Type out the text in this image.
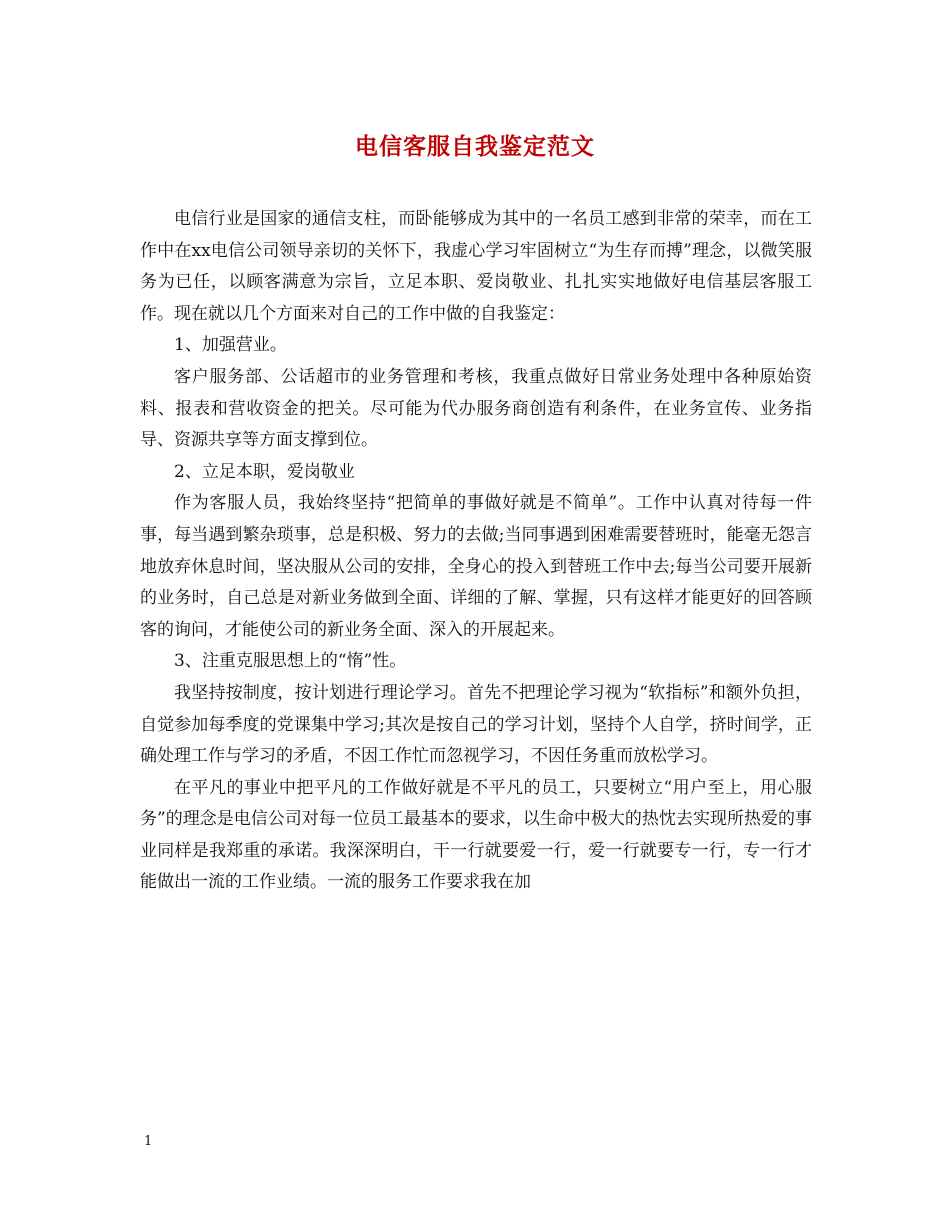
电信客服自我鉴定范文

电信行业是国家的通信支柱，而卧能够成为其中的一名员工感到非常的荣幸，而在工作中在xx电信公司领导亲切的关怀下，我虚心学习牢固树立“为生存而搏”理念，以微笑服务为已任，以顾客满意为宗旨，立足本职、爱岗敬业、扎扎实实地做好电信基层客服工作。现在就以几个方面来对自己的工作中做的自我鉴定：

1、加强营业。

客户服务部、公话超市的业务管理和考核，我重点做好日常业务处理中各种原始资料、报表和营收资金的把关。尽可能为代办服务商创造有利条件，在业务宣传、业务指导、资源共享等方面支撑到位。

2、立足本职，爱岗敬业

作为客服人员，我始终坚持“把简单的事做好就是不简单”。工作中认真对待每一件事，每当遇到繁杂琐事，总是积极、努力的去做;当同事遇到困难需要替班时，能毫无怨言地放弃休息时间，坚决服从公司的安排，全身心的投入到替班工作中去;每当公司要开展新的业务时，自己总是对新业务做到全面、详细的了解、掌握，只有这样才能更好的回答顾客的询问，才能使公司的新业务全面、深入的开展起来。

3、注重克服思想上的“惰”性。

我坚持按制度，按计划进行理论学习。首先不把理论学习视为“软指标”和额外负担，自觉参加每季度的党课集中学习;其次是按自己的学习计划，坚持个人自学，挤时间学，正确处理工作与学习的矛盾，不因工作忙而忽视学习，不因任务重而放松学习。

在平凡的事业中把平凡的工作做好就是不平凡的员工，只要树立“用户至上，用心服务”的理念是电信公司对每一位员工最基本的要求，以生命中极大的热忱去实现所热爱的事业同样是我郑重的承诺。我深深明白，干一行就要爱一行，爱一行就要专一行，专一行才能做出一流的工作业绩。一流的服务工作要求我在加

1
